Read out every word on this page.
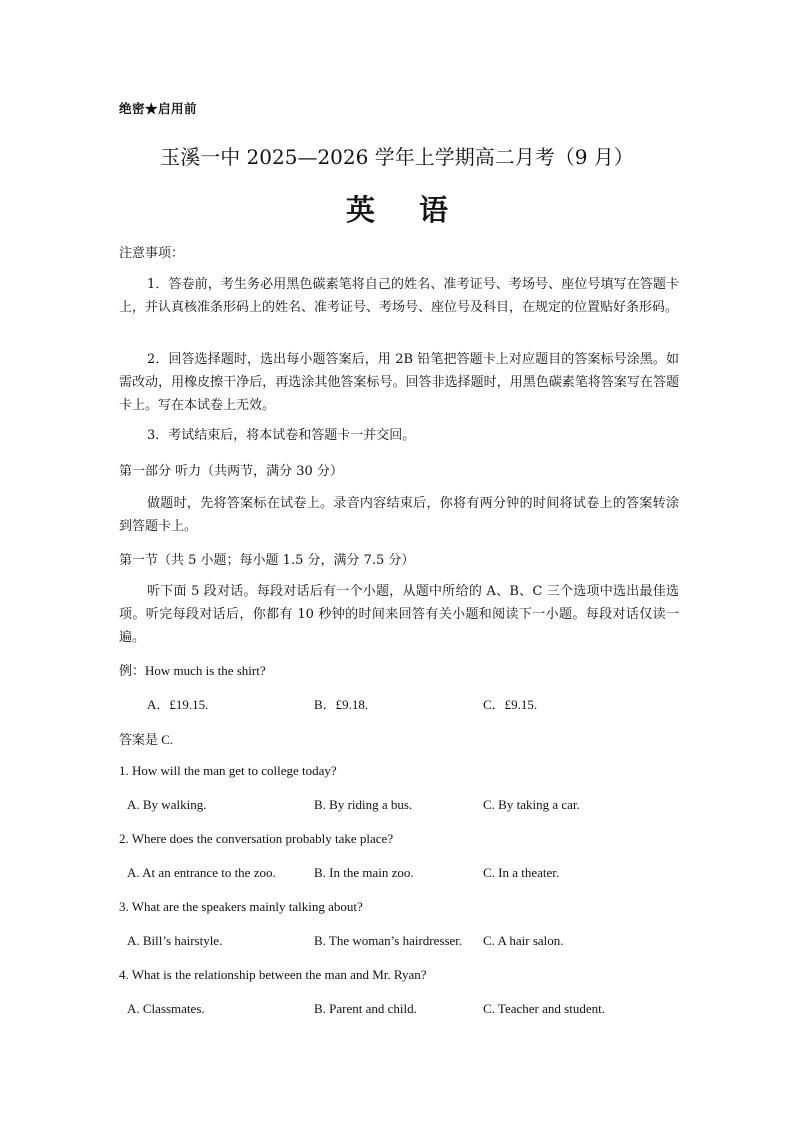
绝密★启用前
玉溪一中 2025—2026 学年上学期高二月考（9 月）
英语
注意事项：
1．答卷前，考生务必用黑色碳素笔将自己的姓名、准考证号、考场号、座位号填写在答题卡上，并认真核准条形码上的姓名、准考证号、考场号、座位号及科目，在规定的位置贴好条形码。
2．回答选择题时，选出每小题答案后，用 2B 铅笔把答题卡上对应题目的答案标号涂黑。如需改动，用橡皮擦干净后，再选涂其他答案标号。回答非选择题时，用黑色碳素笔将答案写在答题卡上。写在本试卷上无效。
3．考试结束后，将本试卷和答题卡一并交回。
第一部分 听力（共两节，满分 30 分）
做题时，先将答案标在试卷上。录音内容结束后，你将有两分钟的时间将试卷上的答案转涂到答题卡上。
第一节（共 5 小题；每小题 1.5 分，满分 7.5 分）
听下面 5 段对话。每段对话后有一个小题，从题中所给的 A、B、C 三个选项中选出最佳选项。听完每段对话后，你都有 10 秒钟的时间来回答有关小题和阅读下一小题。每段对话仅读一遍。
例：How much is the shirt?
A．£19.15.	B．£9.18.	C．£9.15.
答案是 C.
1. How will the man get to college today?
A. By walking.	B. By riding a bus.	C. By taking a car.
2. Where does the conversation probably take place?
A. At an entrance to the zoo.	B. In the main zoo.	C. In a theater.
3. What are the speakers mainly talking about?
A. Bill’s hairstyle.	B. The woman’s hairdresser. C. A hair salon.
4. What is the relationship between the man and Mr. Ryan?
A. Classmates.	B. Parent and child.	C. Teacher and student.
